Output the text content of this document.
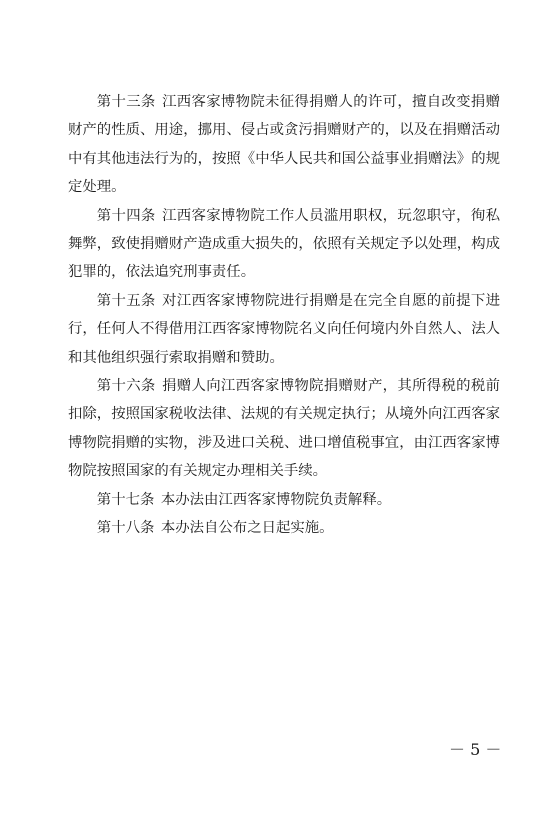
第十三条 江西客家博物院未征得捐赠人的许可，擅自改变捐赠财产的性质、用途，挪用、侵占或贪污捐赠财产的，以及在捐赠活动中有其他违法行为的，按照《中华人民共和国公益事业捐赠法》的规定处理。

第十四条 江西客家博物院工作人员滥用职权，玩忽职守，徇私舞弊，致使捐赠财产造成重大损失的，依照有关规定予以处理，构成犯罪的，依法追究刑事责任。

第十五条 对江西客家博物院进行捐赠是在完全自愿的前提下进行，任何人不得借用江西客家博物院名义向任何境内外自然人、法人和其他组织强行索取捐赠和赞助。

第十六条 捐赠人向江西客家博物院捐赠财产，其所得税的税前扣除，按照国家税收法律、法规的有关规定执行；从境外向江西客家博物院捐赠的实物，涉及进口关税、进口增值税事宜，由江西客家博物院按照国家的有关规定办理相关手续。

第十七条 本办法由江西客家博物院负责解释。

第十八条 本办法自公布之日起实施。

－ 5 －
